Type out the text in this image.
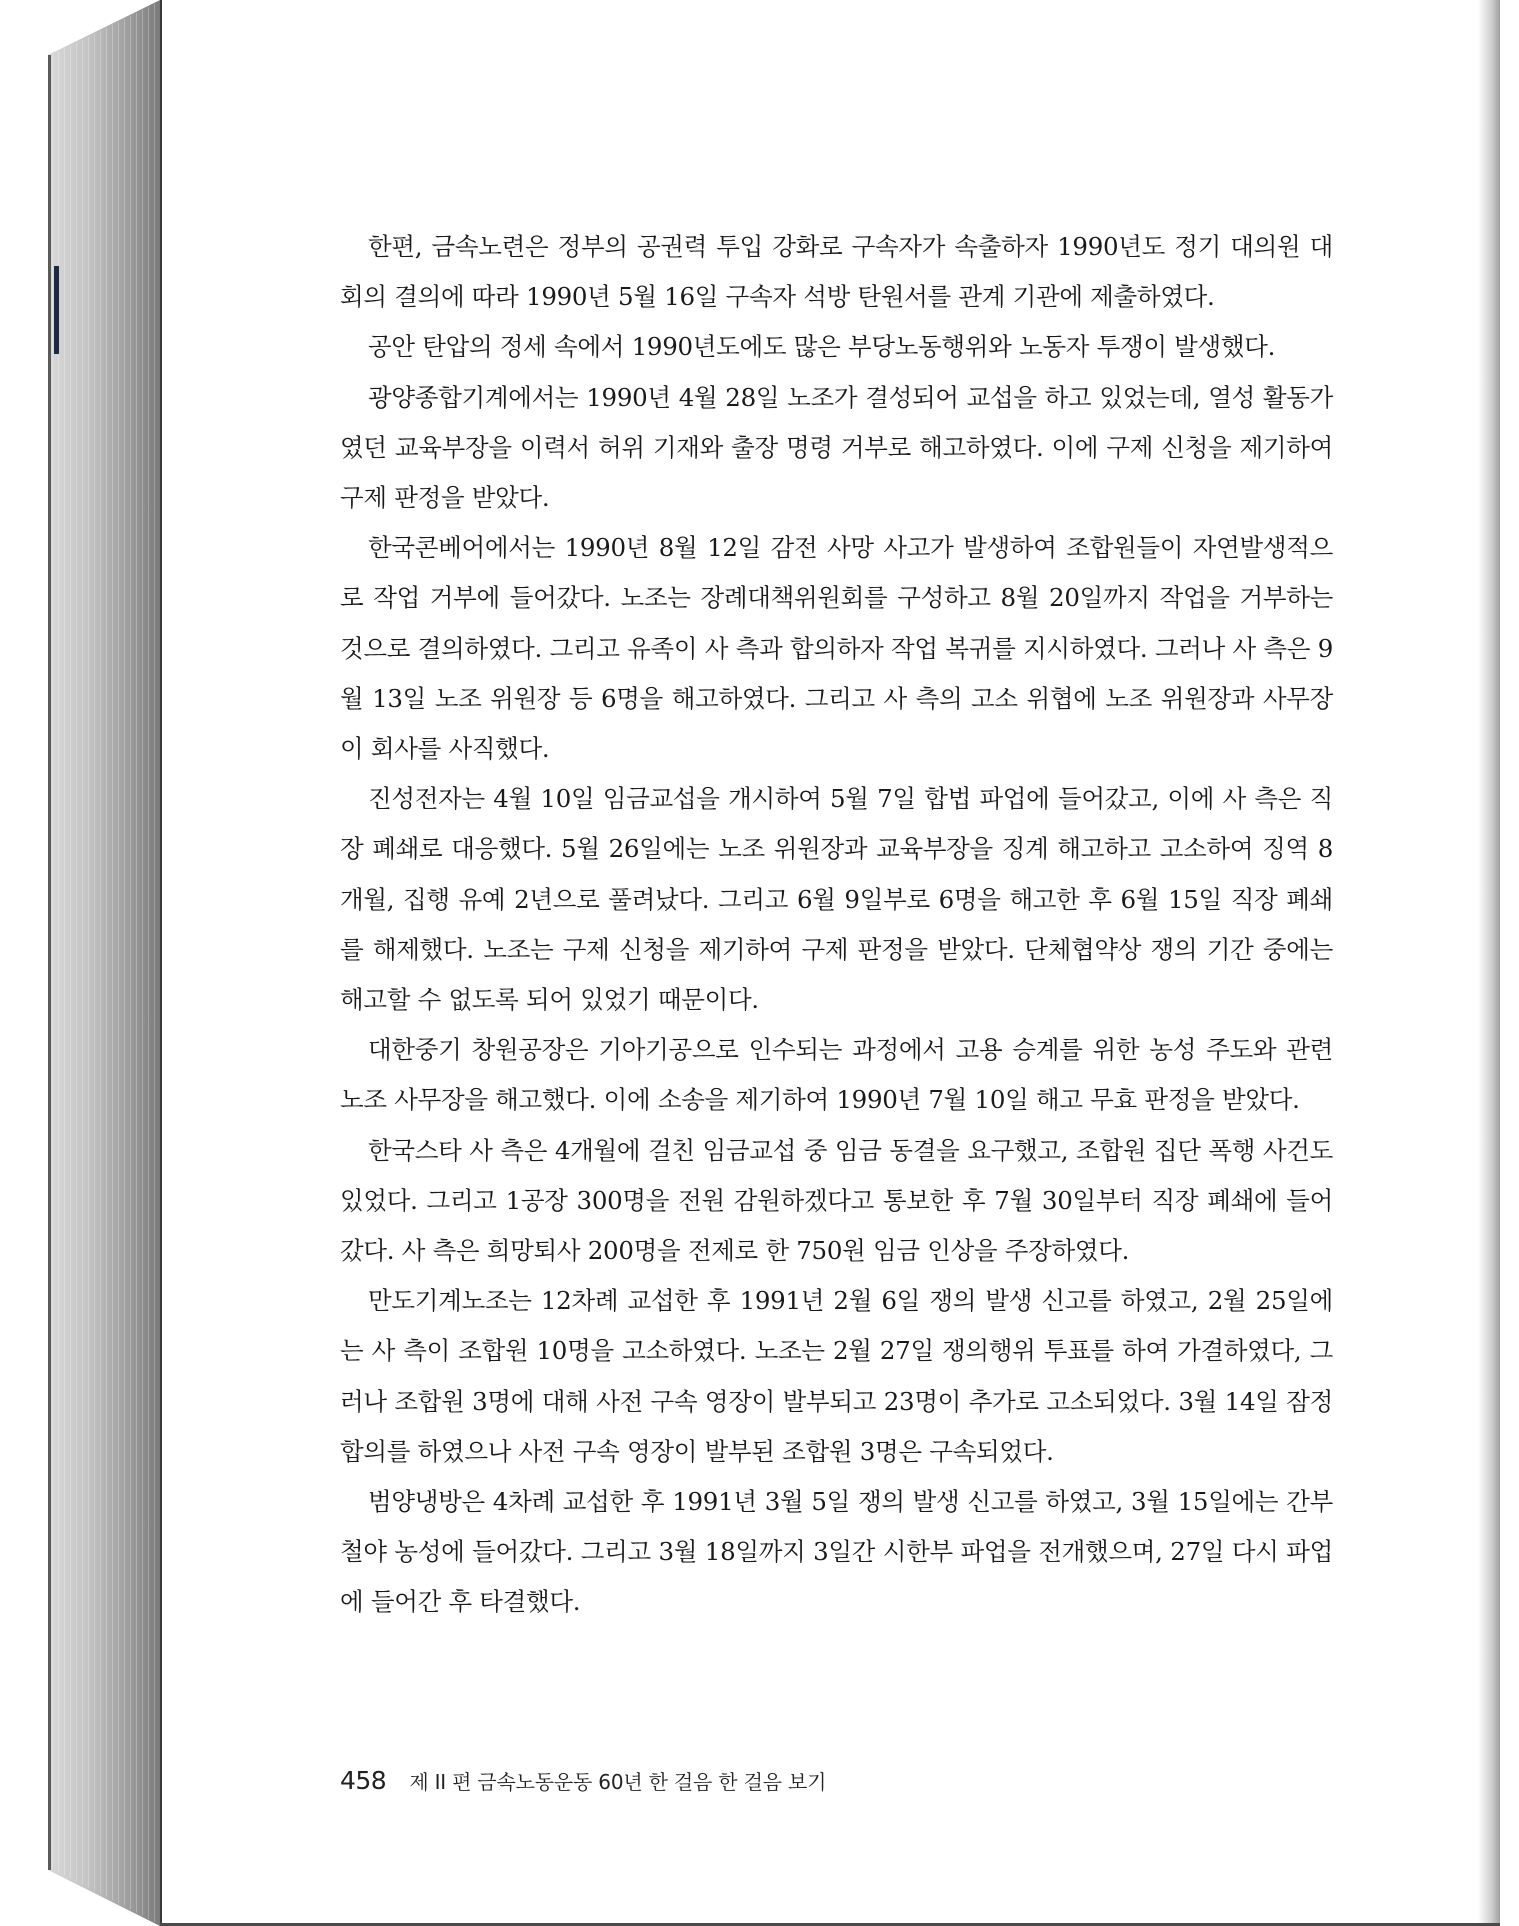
한편, 금속노련은 정부의 공권력 투입 강화로 구속자가 속출하자 1990년도 정기 대의원 대회의 결의에 따라 1990년 5월 16일 구속자 석방 탄원서를 관계 기관에 제출하였다.

공안 탄압의 정세 속에서 1990년도에도 많은 부당노동행위와 노동자 투쟁이 발생했다.

광양종합기계에서는 1990년 4월 28일 노조가 결성되어 교섭을 하고 있었는데, 열성 활동가였던 교육부장을 이력서 허위 기재와 출장 명령 거부로 해고하였다. 이에 구제 신청을 제기하여 구제 판정을 받았다.

한국콘베어에서는 1990년 8월 12일 감전 사망 사고가 발생하여 조합원들이 자연발생적으로 작업 거부에 들어갔다. 노조는 장례대책위원회를 구성하고 8월 20일까지 작업을 거부하는 것으로 결의하였다. 그리고 유족이 사 측과 합의하자 작업 복귀를 지시하였다. 그러나 사 측은 9월 13일 노조 위원장 등 6명을 해고하였다. 그리고 사 측의 고소 위협에 노조 위원장과 사무장이 회사를 사직했다.

진성전자는 4월 10일 임금교섭을 개시하여 5월 7일 합법 파업에 들어갔고, 이에 사 측은 직장 폐쇄로 대응했다. 5월 26일에는 노조 위원장과 교육부장을 징계 해고하고 고소하여 징역 8개월, 집행 유예 2년으로 풀려났다. 그리고 6월 9일부로 6명을 해고한 후 6월 15일 직장 폐쇄를 해제했다. 노조는 구제 신청을 제기하여 구제 판정을 받았다. 단체협약상 쟁의 기간 중에는 해고할 수 없도록 되어 있었기 때문이다.

대한중기 창원공장은 기아기공으로 인수되는 과정에서 고용 승계를 위한 농성 주도와 관련 노조 사무장을 해고했다. 이에 소송을 제기하여 1990년 7월 10일 해고 무효 판정을 받았다.

한국스타 사 측은 4개월에 걸친 임금교섭 중 임금 동결을 요구했고, 조합원 집단 폭행 사건도 있었다. 그리고 1공장 300명을 전원 감원하겠다고 통보한 후 7월 30일부터 직장 폐쇄에 들어갔다. 사 측은 희망퇴사 200명을 전제로 한 750원 임금 인상을 주장하였다.

만도기계노조는 12차례 교섭한 후 1991년 2월 6일 쟁의 발생 신고를 하였고, 2월 25일에는 사 측이 조합원 10명을 고소하였다. 노조는 2월 27일 쟁의행위 투표를 하여 가결하였다, 그러나 조합원 3명에 대해 사전 구속 영장이 발부되고 23명이 추가로 고소되었다. 3월 14일 잠정 합의를 하였으나 사전 구속 영장이 발부된 조합원 3명은 구속되었다.

범양냉방은 4차례 교섭한 후 1991년 3월 5일 쟁의 발생 신고를 하였고, 3월 15일에는 간부 철야 농성에 들어갔다. 그리고 3월 18일까지 3일간 시한부 파업을 전개했으며, 27일 다시 파업에 들어간 후 타결했다.

458 제 II 편 금속노동운동 60년 한 걸음 한 걸음 보기
